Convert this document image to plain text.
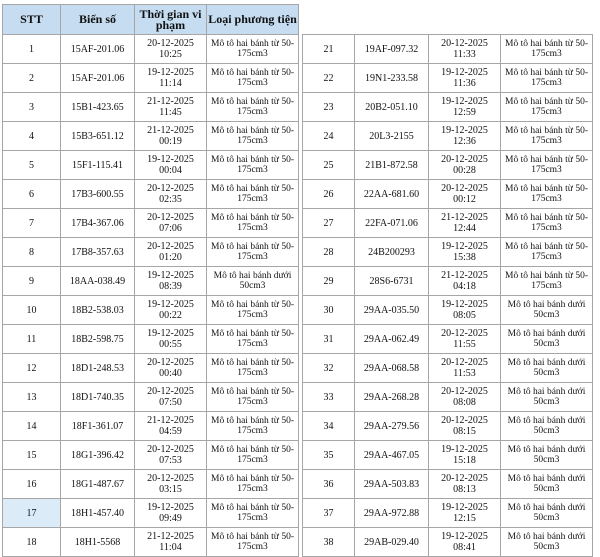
STT	Biển số	Thời gian vi phạm	Loại phương tiện					
1	15AF-201.06	20-12-2025 10:25	Mô tô hai bánh từ 50-175cm3		21	19AF-097.32	20-12-2025 11:33	Mô tô hai bánh từ 50-175cm3
2	15AF-201.06	19-12-2025 11:14	Mô tô hai bánh từ 50-175cm3		22	19N1-233.58	19-12-2025 11:36	Mô tô hai bánh từ 50-175cm3
3	15B1-423.65	21-12-2025 11:45	Mô tô hai bánh từ 50-175cm3		23	20B2-051.10	19-12-2025 12:59	Mô tô hai bánh từ 50-175cm3
4	15B3-651.12	21-12-2025 00:19	Mô tô hai bánh từ 50-175cm3		24	20L3-2155	19-12-2025 12:36	Mô tô hai bánh từ 50-175cm3
5	15F1-115.41	19-12-2025 00:04	Mô tô hai bánh từ 50-175cm3		25	21B1-872.58	20-12-2025 00:28	Mô tô hai bánh từ 50-175cm3
6	17B3-600.55	20-12-2025 02:35	Mô tô hai bánh từ 50-175cm3		26	22AA-681.60	20-12-2025 00:12	Mô tô hai bánh từ 50-175cm3
7	17B4-367.06	20-12-2025 07:06	Mô tô hai bánh từ 50-175cm3		27	22FA-071.06	21-12-2025 12:44	Mô tô hai bánh từ 50-175cm3
8	17B8-357.63	20-12-2025 01:20	Mô tô hai bánh từ 50-175cm3		28	24B200293	19-12-2025 15:38	Mô tô hai bánh từ 50-175cm3
9	18AA-038.49	19-12-2025 08:39	Mô tô hai bánh dưới 50cm3		29	28S6-6731	21-12-2025 04:18	Mô tô hai bánh từ 50-175cm3
10	18B2-538.03	19-12-2025 00:22	Mô tô hai bánh từ 50-175cm3		30	29AA-035.50	19-12-2025 08:05	Mô tô hai bánh dưới 50cm3
11	18B2-598.75	19-12-2025 00:55	Mô tô hai bánh từ 50-175cm3		31	29AA-062.49	20-12-2025 11:55	Mô tô hai bánh dưới 50cm3
12	18D1-248.53	20-12-2025 00:40	Mô tô hai bánh từ 50-175cm3		32	29AA-068.58	20-12-2025 11:53	Mô tô hai bánh dưới 50cm3
13	18D1-740.35	20-12-2025 07:50	Mô tô hai bánh từ 50-175cm3		33	29AA-268.28	20-12-2025 08:08	Mô tô hai bánh dưới 50cm3
14	18F1-361.07	21-12-2025 04:59	Mô tô hai bánh từ 50-175cm3		34	29AA-279.56	20-12-2025 08:15	Mô tô hai bánh dưới 50cm3
15	18G1-396.42	20-12-2025 07:53	Mô tô hai bánh từ 50-175cm3		35	29AA-467.05	19-12-2025 15:18	Mô tô hai bánh dưới 50cm3
16	18G1-487.67	20-12-2025 03:15	Mô tô hai bánh từ 50-175cm3		36	29AA-503.83	20-12-2025 08:13	Mô tô hai bánh dưới 50cm3
17	18H1-457.40	19-12-2025 09:49	Mô tô hai bánh từ 50-175cm3		37	29AA-972.88	19-12-2025 12:15	Mô tô hai bánh dưới 50cm3
18	18H1-5568	21-12-2025 11:04	Mô tô hai bánh từ 50-175cm3		38	29AB-029.40	19-12-2025 08:41	Mô tô hai bánh dưới 50cm3
